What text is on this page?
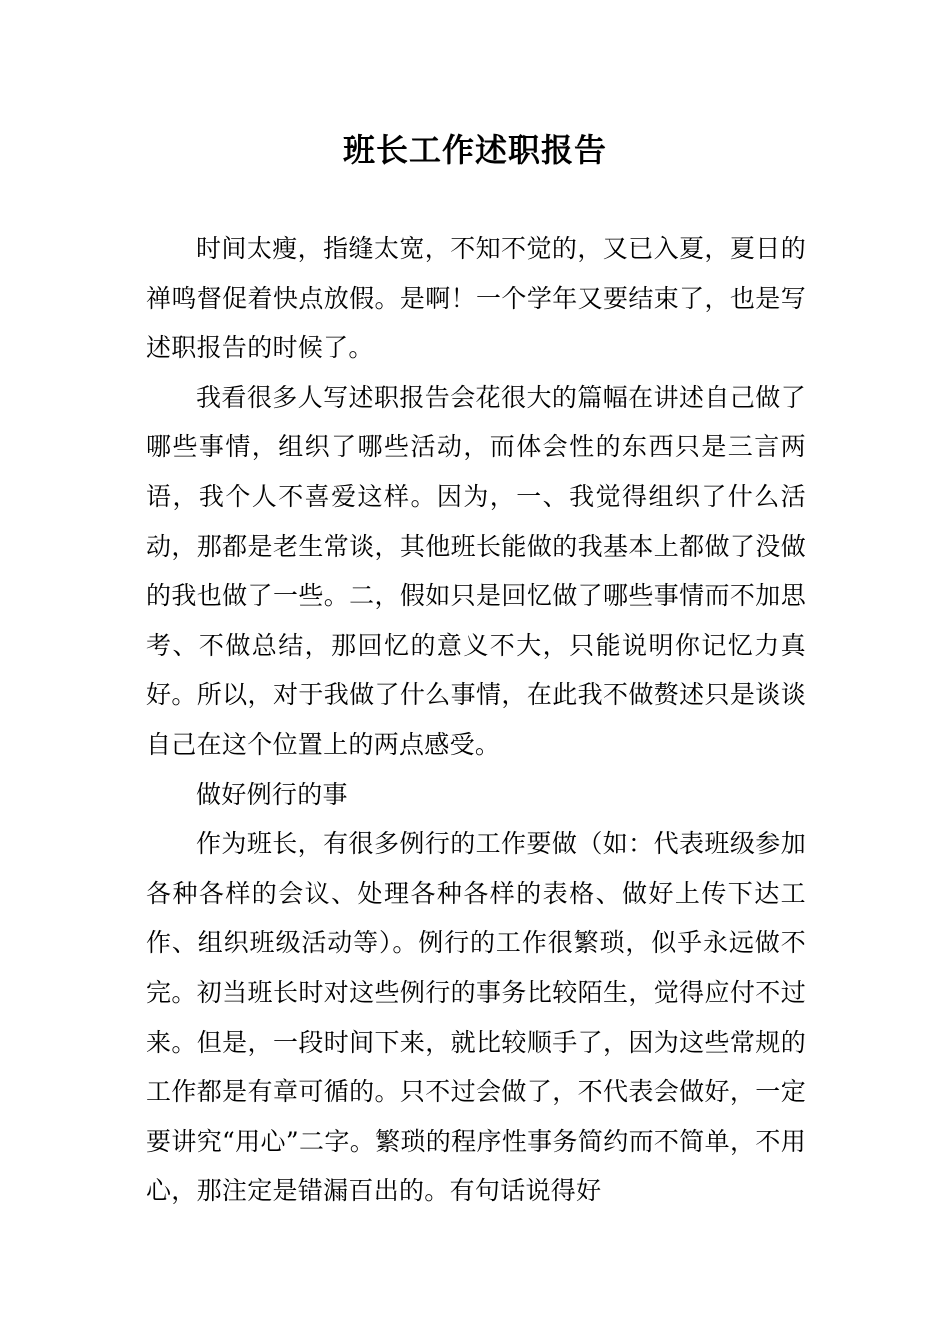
班长工作述职报告

时间太瘦，指缝太宽，不知不觉的，又已入夏，夏日的禅鸣督促着快点放假。是啊！一个学年又要结束了，也是写述职报告的时候了。

我看很多人写述职报告会花很大的篇幅在讲述自己做了哪些事情，组织了哪些活动，而体会性的东西只是三言两语，我个人不喜爱这样。因为，一、我觉得组织了什么活动，那都是老生常谈，其他班长能做的我基本上都做了没做的我也做了一些。二，假如只是回忆做了哪些事情而不加思考、不做总结，那回忆的意义不大，只能说明你记忆力真好。所以，对于我做了什么事情，在此我不做赘述只是谈谈自己在这个位置上的两点感受。

做好例行的事

作为班长，有很多例行的工作要做（如：代表班级参加各种各样的会议、处理各种各样的表格、做好上传下达工作、组织班级活动等）。例行的工作很繁琐，似乎永远做不完。初当班长时对这些例行的事务比较陌生，觉得应付不过来。但是，一段时间下来，就比较顺手了，因为这些常规的工作都是有章可循的。只不过会做了，不代表会做好，一定要讲究“用心”二字。繁琐的程序性事务简约而不简单，不用心，那注定是错漏百出的。有句话说得好
